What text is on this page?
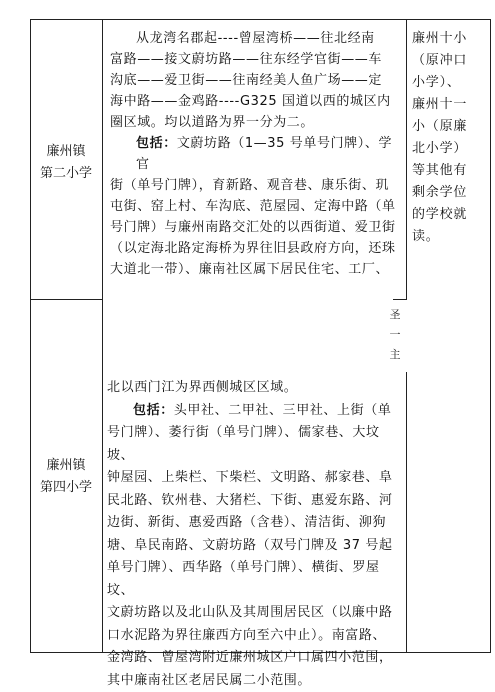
廉州镇
第二小学
从龙湾名郡起----曾屋湾桥——往北经南
富路——接文蔚坊路——往东经学官街——车
沟底——爱卫街——往南经美人鱼广场——定
海中路——金鸡路----G325 国道以西的城区内
圈区域。均以道路为界一分为二。
包括：文蔚坊路（1—35 号单号门牌）、学官
街（单号门牌），育新路、观音巷、康乐街、玑
屯街、窑上村、车沟底、范屋园、定海中路（单
号门牌）与廉州南路交汇处的以西街道、爱卫街
（以定海北路定海桥为界往旧县政府方向，还珠
大道北一带）、廉南社区属下居民住宅、工厂、
圣
一
主
廉州镇
第四小学
北以西门江为界西侧城区区域。
包括：头甲社、二甲社、三甲社、上街（单
号门牌）、萎行街（单号门牌）、儒家巷、大坟坡、
钟屋园、上柴栏、下柴栏、文明路、郝家巷、阜
民北路、钦州巷、大猪栏、下街、惠爱东路、河
边街、新街、惠爱西路（含巷）、清洁街、泖狗
塘、阜民南路、文蔚坊路（双号门牌及 37 号起
单号门牌）、西华路（单号门牌）、横街、罗屋坟、
文蔚坊路以及北山队及其周围居民区（以廉中路
口水泥路为界往廉西方向至六中止）。南富路、
金湾路、曾屋湾附近廉州城区户口属四小范围，
其中廉南社区老居民属二小范围。
廉州十小
（原冲口
小学）、
廉州十一
小（原廉
北小学）
等其他有
剩余学位
的学校就
读。
